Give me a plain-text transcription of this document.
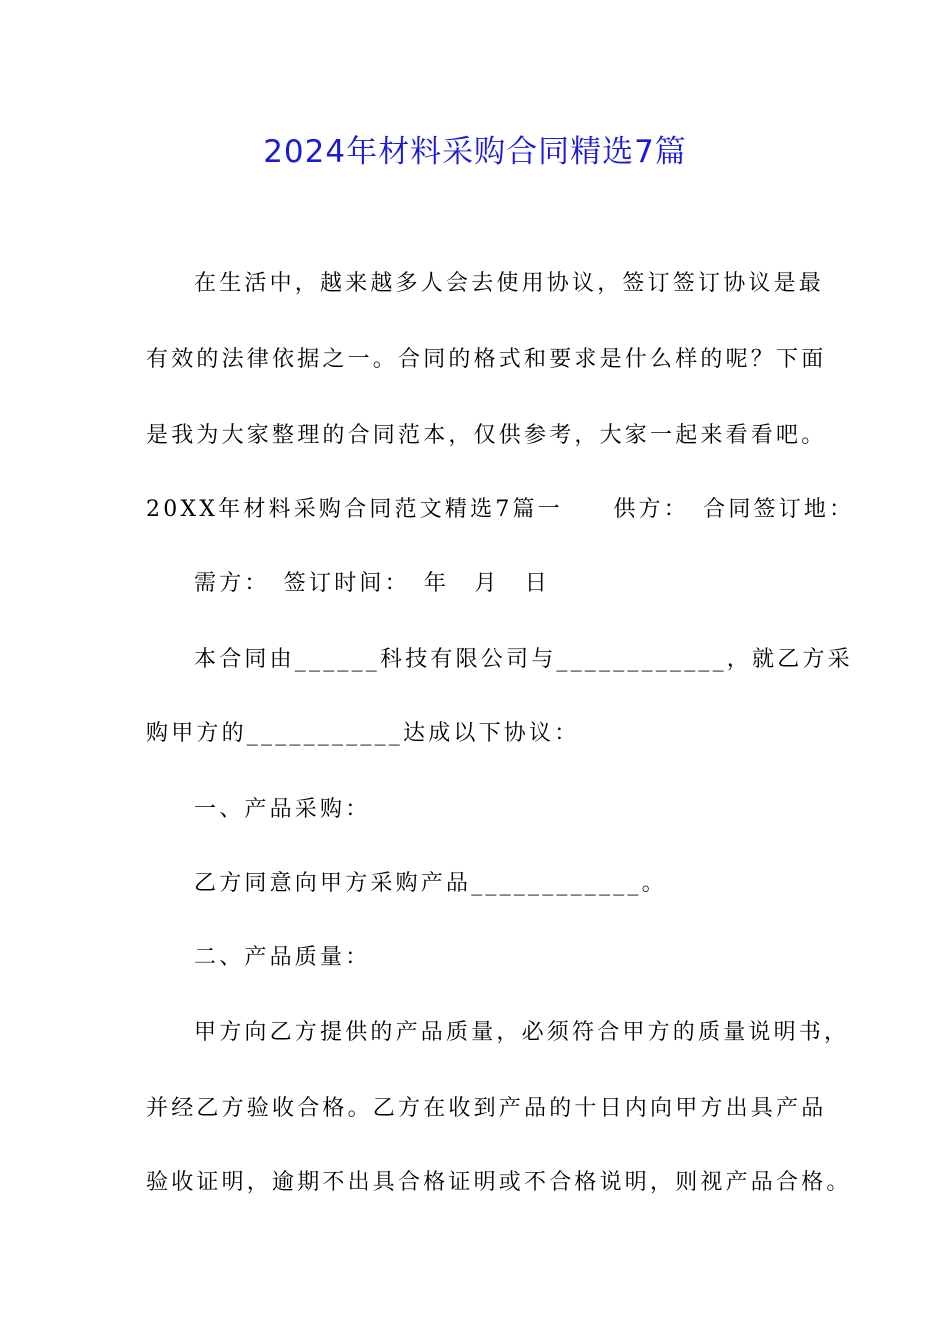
2024年材料采购合同精选7篇
在生活中，越来越多人会去使用协议，签订签订协议是最
有效的法律依据之一。合同的格式和要求是什么样的呢？下面
是我为大家整理的合同范本，仅供参考，大家一起来看看吧。
20XX年材料采购合同范文精选7篇一　　供方：　合同签订地：
需方：　签订时间：　年　月　日
本合同由______科技有限公司与____________，就乙方采
购甲方的___________达成以下协议：
一、产品采购：
乙方同意向甲方采购产品____________。
二、产品质量：
甲方向乙方提供的产品质量，必须符合甲方的质量说明书，
并经乙方验收合格。乙方在收到产品的十日内向甲方出具产品
验收证明，逾期不出具合格证明或不合格说明，则视产品合格。
